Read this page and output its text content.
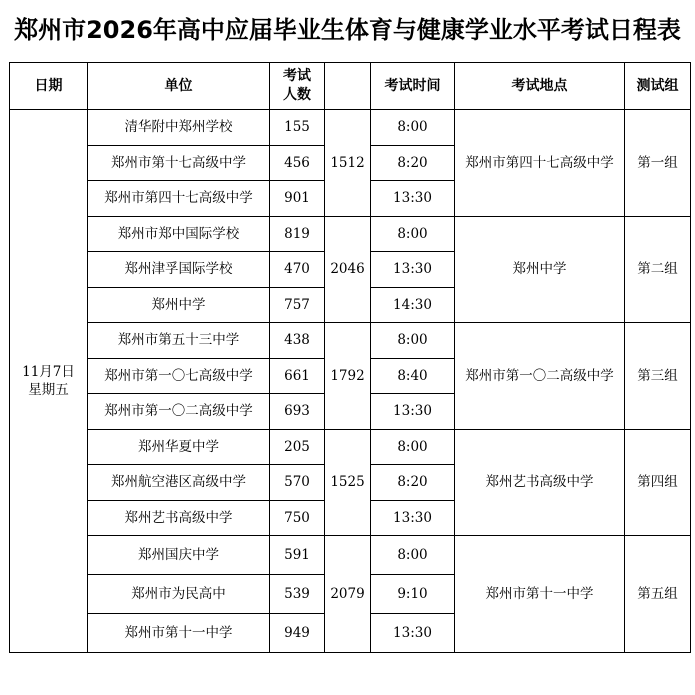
郑州市2026年高中应届毕业生体育与健康学业水平考试日程表
日期	单位	考试
人数		考试时间	考试地点	测试组

11月7日
星期五	清华附中郑州学校	155	1512	8:00	郑州市第四十七高级中学	第一组
	郑州市第十七高级中学	456		8:20		
	郑州市第四十七高级中学	901		13:30		
	郑州市郑中国际学校	819	2046	8:00	郑州中学	第二组
	郑州津孚国际学校	470		13:30		
	郑州中学	757		14:30		
	郑州市第五十三中学	438	1792	8:00	郑州市第一〇二高级中学	第三组
	郑州市第一〇七高级中学	661		8:40		
	郑州市第一〇二高级中学	693		13:30		
	郑州华夏中学	205	1525	8:00	郑州艺书高级中学	第四组
	郑州航空港区高级中学	570		8:20		
	郑州艺书高级中学	750		13:30		
	郑州国庆中学	591	2079	8:00	郑州市第十一中学	第五组
	郑州市为民高中	539		9:10		
	郑州市第十一中学	949		13:30		
